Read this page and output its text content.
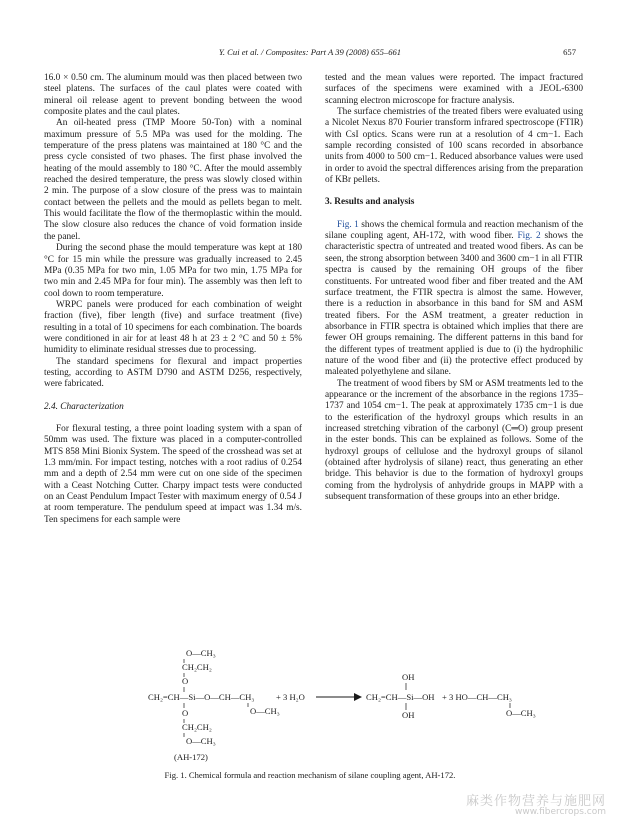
Y. Cui et al. / Composites: Part A 39 (2008) 655–661	657

16.0 × 0.50 cm. The aluminum mould was then placed between two steel platens. The surfaces of the caul plates were coated with mineral oil release agent to prevent bonding between the wood composite plates and the caul plates.

An oil-heated press (TMP Moore 50-Ton) with a nominal maximum pressure of 5.5 MPa was used for the molding. The temperature of the press platens was maintained at 180 °C and the press cycle consisted of two phases. The first phase involved the heating of the mould assembly to 180 °C. After the mould assembly reached the desired temperature, the press was slowly closed within 2 min. The purpose of a slow closure of the press was to maintain contact between the pellets and the mould as pellets began to melt. This would facilitate the flow of the thermoplastic within the mould. The slow closure also reduces the chance of void formation inside the panel.

During the second phase the mould temperature was kept at 180 °C for 15 min while the pressure was gradually increased to 2.45 MPa (0.35 MPa for two min, 1.05 MPa for two min, 1.75 MPa for two min and 2.45 MPa for four min). The assembly was then left to cool down to room temperature.

WRPC panels were produced for each combination of weight fraction (five), fiber length (five) and surface treatment (five) resulting in a total of 10 specimens for each combination. The boards were conditioned in air for at least 48 h at 23 ± 2 °C and 50 ± 5% humidity to eliminate residual stresses due to processing.

The standard specimens for flexural and impact properties testing, according to ASTM D790 and ASTM D256, respectively, were fabricated.

2.4. Characterization

For flexural testing, a three point loading system with a span of 50mm was used. The fixture was placed in a computer-controlled MTS 858 Mini Bionix System. The speed of the crosshead was set at 1.3 mm/min. For impact testing, notches with a root radius of 0.254 mm and a depth of 2.54 mm were cut on one side of the specimen with a Ceast Notching Cutter. Charpy impact tests were conducted on an Ceast Pendulum Impact Tester with maximum energy of 0.54 J at room temperature. The pendulum speed at impact was 1.34 m/s. Ten specimens for each sample were

tested and the mean values were reported. The impact fractured surfaces of the specimens were examined with a JEOL-6300 scanning electron microscope for fracture analysis.

The surface chemistries of the treated fibers were evaluated using a Nicolet Nexus 870 Fourier transform infrared spectroscope (FTIR) with CsI optics. Scans were run at a resolution of 4 cm−1. Each sample recording consisted of 100 scans recorded in absorbance units from 4000 to 500 cm−1. Reduced absorbance values were used in order to avoid the spectral differences arising from the preparation of KBr pellets.

3. Results and analysis

Fig. 1 shows the chemical formula and reaction mechanism of the silane coupling agent, AH-172, with wood fiber. Fig. 2 shows the characteristic spectra of untreated and treated wood fibers. As can be seen, the strong absorption between 3400 and 3600 cm−1 in all FTIR spectra is caused by the remaining OH groups of the fiber constituents. For untreated wood fiber and fiber treated and the AM surface treatment, the FTIR spectra is almost the same. However, there is a reduction in absorbance in this band for SM and ASM treated fibers. For the ASM treatment, a greater reduction in absorbance in FTIR spectra is obtained which implies that there are fewer OH groups remaining. The different patterns in this band for the different types of treatment applied is due to (i) the hydrophilic nature of the wood fiber and (ii) the protective effect produced by maleated polyethylene and silane.

The treatment of wood fibers by SM or ASM treatments led to the appearance or the increment of the absorbance in the regions 1735–1737 and 1054 cm−1. The peak at approximately 1735 cm−1 is due to the esterification of the hydroxyl groups which results in an increased stretching vibration of the carbonyl (C═O) group present in the ester bonds. This can be explained as follows. Some of the hydroxyl groups of cellulose and the hydroxyl groups of silanol (obtained after hydrolysis of silane) react, thus generating an ether bridge. This behavior is due to the formation of hydroxyl groups coming from the hydrolysis of anhydride groups in MAPP with a subsequent transformation of these groups into an ether bridge.

O—CH₃
CH₂CH₂
O
CH₂=CH—Si—O—CH—CH₃
O—CH₃
+ 3 H₂O
O
CH₂CH₂
O—CH₃
(AH-172)
OH
CH₂=CH—Si—OH
OH
+ 3 HO—CH—CH₃
O—CH₃
Fig. 1. Chemical formula and reaction mechanism of silane coupling agent, AH-172.
麻类作物营养与施肥网
www.fibercrops.com
